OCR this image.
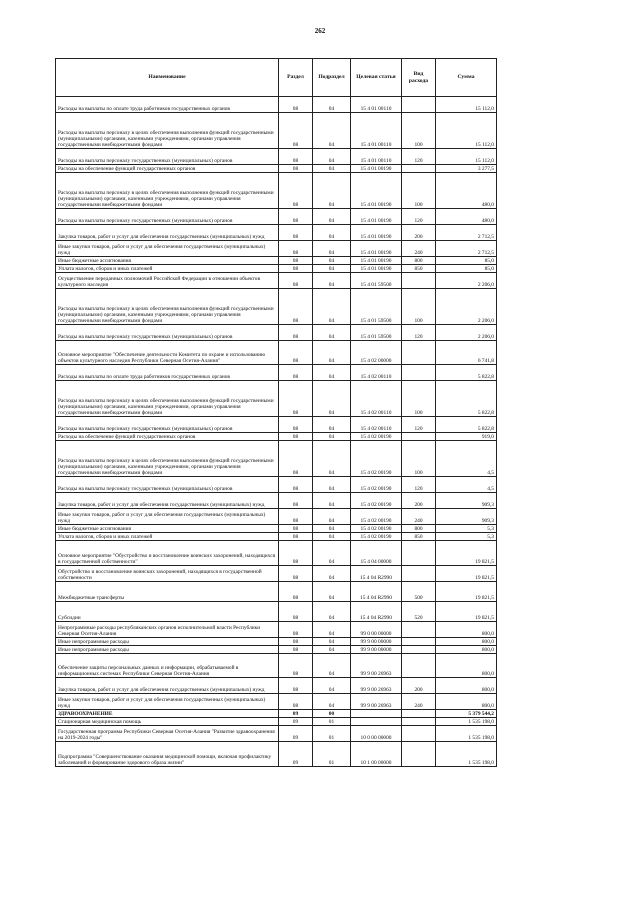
262
Наименование	Раздел	Подраздел	Целевая статья	Вид расхода	Сумма
Расходы на выплаты по оплате труда работников государственных органов	08	04	15 4 01 00110		15 112,0
Расходы на выплаты персоналу в целях обеспечения выполнения функций государственными (муниципальными) органами, казенными учреждениями, органами управления государственными внебюджетными фондами	08	04	15 4 01 00110	100	15 112,0
Расходы на выплаты персоналу государственных (муниципальных) органов	08	04	15 4 01 00110	120	15 112,0
Расходы на обеспечение функций государственных органов	08	04	15 4 01 00190		3 277,5
Расходы на выплаты персоналу в целях обеспечения выполнения функций государственными (муниципальными) органами, казенными учреждениями, органами управления государственными внебюджетными фондами	08	04	15 4 01 00190	100	480,0
Расходы на выплаты персоналу государственных (муниципальных) органов	08	04	15 4 01 00190	120	480,0
Закупка товаров, работ и услуг для обеспечения государственных (муниципальных) нужд	08	04	15 4 01 00190	200	2 712,5
Иные закупки товаров, работ и услуг для обеспечения государственных (муниципальных) нужд	08	04	15 4 01 00190	240	2 712,5
Иные бюджетные ассигнования	08	04	15 4 01 00190	800	85,0
Уплата налогов, сборов и иных платежей	08	04	15 4 01 00190	850	85,0
Осуществление переданных полномочий Российской Федерации в отношении объектов культурного наследия	08	04	15 4 01 59500		2 206,0
Расходы на выплаты персоналу в целях обеспечения выполнения функций государственными (муниципальными) органами, казенными учреждениями, органами управления государственными внебюджетными фондами	08	04	15 4 01 59500	100	2 206,0
Расходы на выплаты персоналу государственных (муниципальных) органов	08	04	15 4 01 59500	120	2 206,0
Основное мероприятие "Обеспечение деятельности Комитета по охране и использованию объектов культурного наследия Республики Северная Осетия-Алания"	08	04	15 4 02 00000		6 741,8
Расходы на выплаты по оплате труда работников государственных органов	08	04	15 4 02 00110		5 822,8
Расходы на выплаты персоналу в целях обеспечения выполнения функций государственными (муниципальными) органами, казенными учреждениями, органами управления государственными внебюджетными фондами	08	04	15 4 02 00110	100	5 822,8
Расходы на выплаты персоналу государственных (муниципальных) органов	08	04	15 4 02 00110	120	5 822,8
Расходы на обеспечение функций государственных органов	08	04	15 4 02 00190		919,0
Расходы на выплаты персоналу в целях обеспечения выполнения функций государственными (муниципальными) органами, казенными учреждениями, органами управления государственными внебюджетными фондами	08	04	15 4 02 00190	100	4,5
Расходы на выплаты персоналу государственных (муниципальных) органов	08	04	15 4 02 00190	120	4,5
Закупка товаров, работ и услуг для обеспечения государственных (муниципальных) нужд	08	04	15 4 02 00190	200	909,3
Иные закупки товаров, работ и услуг для обеспечения государственных (муниципальных) нужд	08	04	15 4 02 00190	240	909,3
Иные бюджетные ассигнования	08	04	15 4 02 00190	800	5,3
Уплата налогов, сборов и иных платежей	08	04	15 4 02 00190	850	5,3
Основное мероприятие "Обустройство и восстановление воинских захоронений, находящихся в государственной собственности"	08	04	15 4 04 00000		19 821,5
Обустройство и восстановление воинских захоронений, находящихся в государственной собственности	08	04	15 4 04 R2990		19 821,5
Межбюджетные трансферты	08	04	15 4 04 R2990	500	19 821,5
Субсидии	08	04	15 4 04 R2990	520	19 821,5
Непрограммные расходы республиканских органов исполнительной власти Республики Северная Осетия-Алания	08	04	99 0 00 00000		800,0
Иные непрограммные расходы	08	04	99 9 00 00000		800,0
Иные непрограммные расходы	08	04	99 9 00 00000		800,0
Обеспечение защиты персональных данных и информации, обрабатываемой в информационных системах Республики Северная Осетия-Алания	08	04	99 9 00 26963		800,0
Закупка товаров, работ и услуг для обеспечения государственных (муниципальных) нужд	08	04	99 9 00 26963	200	800,0
Иные закупки товаров, работ и услуг для обеспечения государственных (муниципальных) нужд	08	04	99 9 00 26963	240	800,0
ЗДРАВООХРАНЕНИЕ	09	00			5 379 544,2
Стационарная медицинская помощь	09	01			1 535 198,0
Государственная программа Республики Северная Осетия-Алания "Развитие здравоохранения на 2019-2024 годы"	09	01	10 0 00 00000		1 535 198,0
Подпрограмма "Совершенствование оказания медицинской помощи, включая профилактику заболеваний и формирование здорового образа жизни"	09	01	10 1 00 00000		1 535 198,0
